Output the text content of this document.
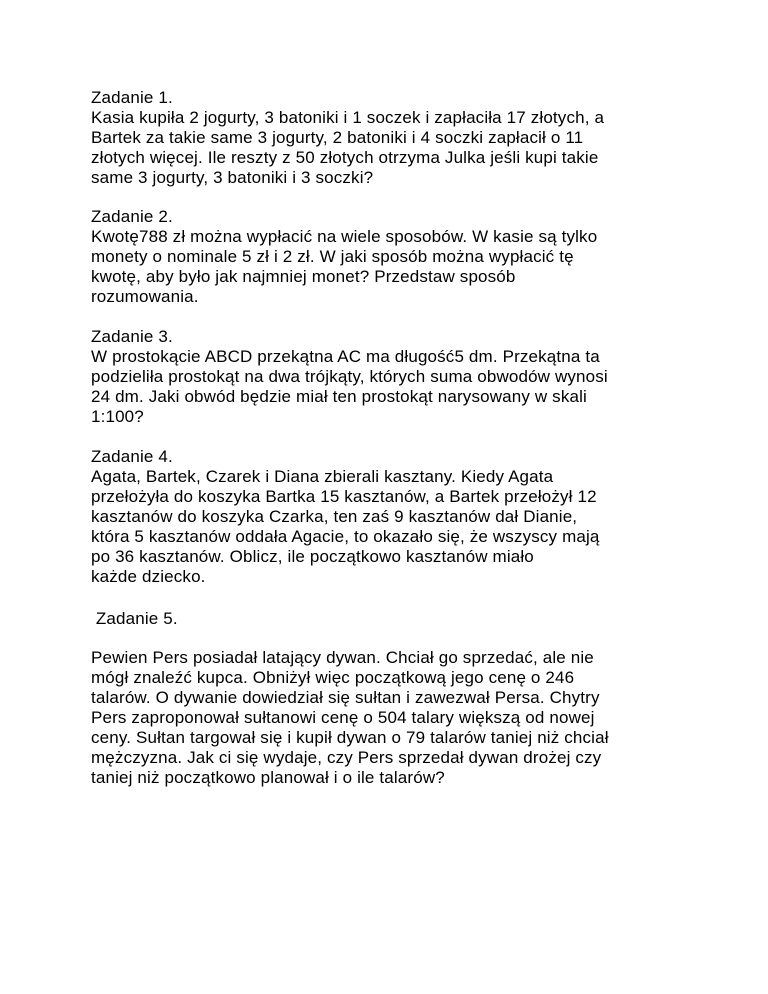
Zadanie 1.
Kasia kupiła 2 jogurty, 3 batoniki i 1 soczek i zapłaciła 17 złotych, a
Bartek za takie same 3 jogurty, 2 batoniki i 4 soczki zapłacił o 11
złotych więcej. Ile reszty z 50 złotych otrzyma Julka jeśli kupi takie
same 3 jogurty, 3 batoniki i 3 soczki?
Zadanie 2.
Kwotę788 zł można wypłacić na wiele sposobów. W kasie są tylko
monety o nominale 5 zł i 2 zł. W jaki sposób można wypłacić tę
kwotę, aby było jak najmniej monet? Przedstaw sposób
rozumowania.
Zadanie 3.
W prostokącie ABCD przekątna AC ma długość5 dm. Przekątna ta
podzieliła prostokąt na dwa trójkąty, których suma obwodów wynosi
24 dm. Jaki obwód będzie miał ten prostokąt narysowany w skali
1:100?
Zadanie 4.
Agata, Bartek, Czarek i Diana zbierali kasztany. Kiedy Agata
przełożyła do koszyka Bartka 15 kasztanów, a Bartek przełożył 12
kasztanów do koszyka Czarka, ten zaś 9 kasztanów dał Dianie,
która 5 kasztanów oddała Agacie, to okazało się, że wszyscy mają
po 36 kasztanów. Oblicz, ile początkowo kasztanów miało
każde dziecko.
Zadanie 5.
Pewien Pers posiadał latający dywan. Chciał go sprzedać, ale nie
mógł znaleźć kupca. Obniżył więc początkową jego cenę o 246
talarów. O dywanie dowiedział się sułtan i zawezwał Persa. Chytry
Pers zaproponował sułtanowi cenę o 504 talary większą od nowej
ceny. Sułtan targował się i kupił dywan o 79 talarów taniej niż chciał
mężczyzna. Jak ci się wydaje, czy Pers sprzedał dywan drożej czy
taniej niż początkowo planował i o ile talarów?
